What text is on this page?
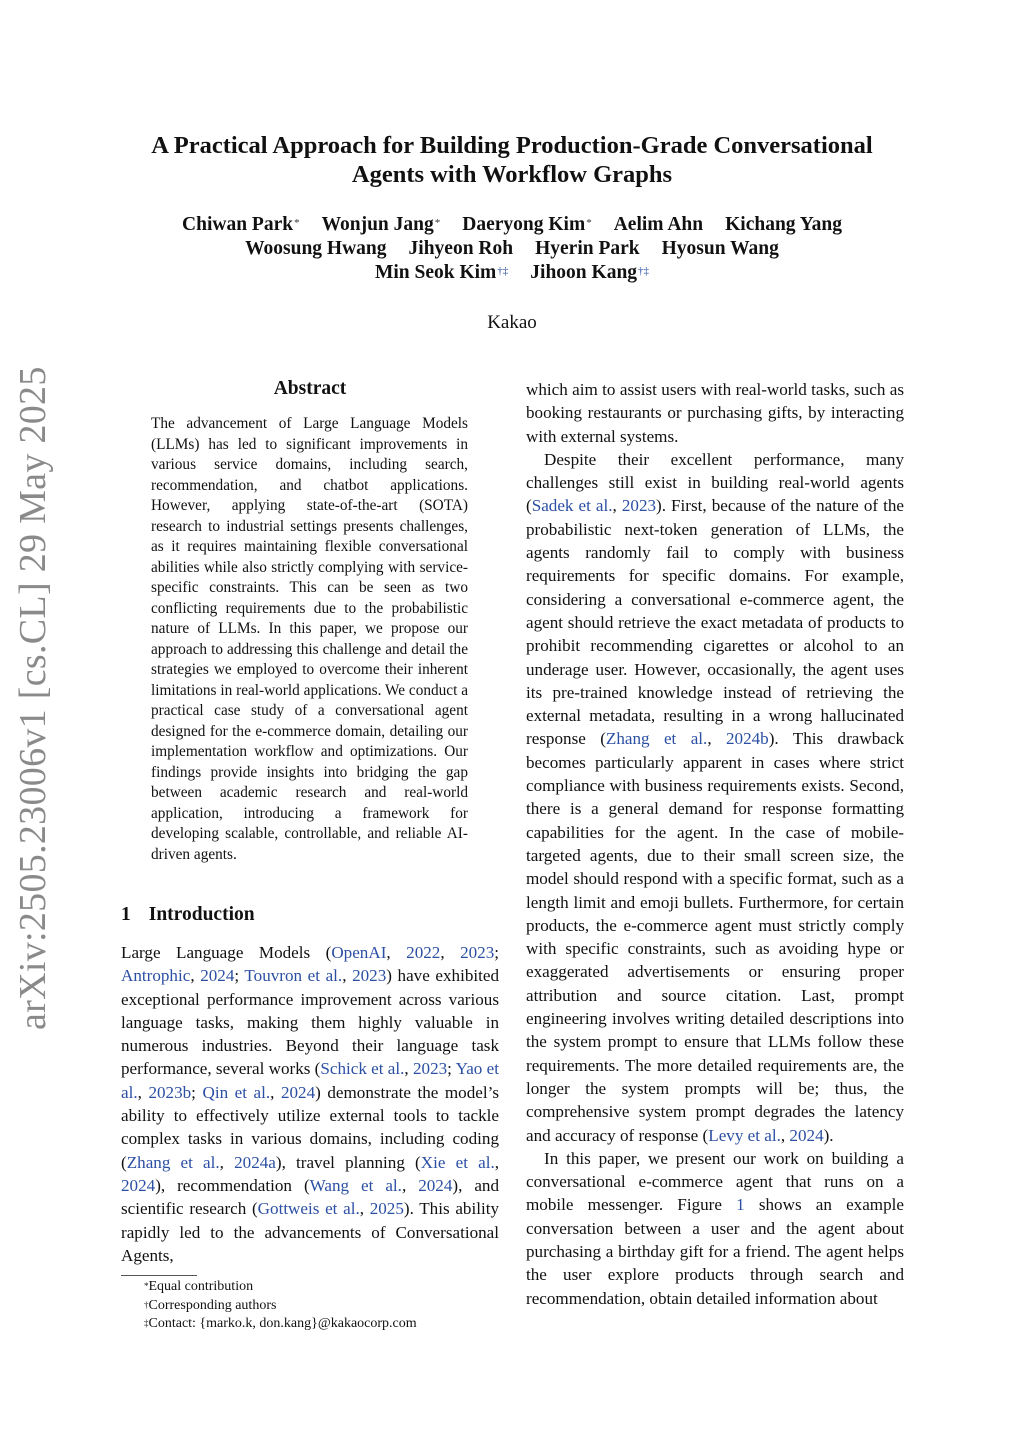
A Practical Approach for Building Production-Grade Conversational
Agents with Workflow Graphs
Chiwan Park* Wonjun Jang* Daeryong Kim* Aelim Ahn Kichang Yang
Woosung Hwang Jihyeon Roh Hyerin Park Hyosun Wang
Min Seok Kim†‡ Jihoon Kang†‡
Kakao
arXiv:2505.23006v1 [cs.CL] 29 May 2025	Abstract
The advancement of Large Language Models (LLMs) has led to significant improvements in various service domains, including search, recommendation, and chatbot applications. However, applying state-of-the-art (SOTA) research to industrial settings presents challenges, as it requires maintaining flexible conversational abilities while also strictly complying with service-specific constraints. This can be seen as two conflicting requirements due to the probabilistic nature of LLMs. In this paper, we propose our approach to addressing this challenge and detail the strategies we employed to overcome their inherent limitations in real-world applications. We conduct a practical case study of a conversational agent designed for the e-commerce domain, detailing our implementation workflow and optimizations. Our findings provide insights into bridging the gap between academic research and real-world application, introducing a framework for developing scalable, controllable, and reliable AI-driven agents.
1 Introduction
Large Language Models (OpenAI, 2022, 2023; Antrophic, 2024; Touvron et al., 2023) have exhibited exceptional performance improvement across various language tasks, making them highly valuable in numerous industries. Beyond their language task performance, several works (Schick et al., 2023; Yao et al., 2023b; Qin et al., 2024) demonstrate the model’s ability to effectively utilize external tools to tackle complex tasks in various domains, including coding (Zhang et al., 2024a), travel planning (Xie et al., 2024), recommendation (Wang et al., 2024), and scientific research (Gottweis et al., 2025). This ability rapidly led to the advancements of Conversational Agents,

which aim to assist users with real-world tasks, such as booking restaurants or purchasing gifts, by interacting with external systems.

Despite their excellent performance, many challenges still exist in building real-world agents (Sadek et al., 2023). First, because of the nature of the probabilistic next-token generation of LLMs, the agents randomly fail to comply with business requirements for specific domains. For example, considering a conversational e-commerce agent, the agent should retrieve the exact metadata of products to prohibit recommending cigarettes or alcohol to an underage user. However, occasionally, the agent uses its pre-trained knowledge instead of retrieving the external metadata, resulting in a wrong hallucinated response (Zhang et al., 2024b). This drawback becomes particularly apparent in cases where strict compliance with business requirements exists. Second, there is a general demand for response formatting capabilities for the agent. In the case of mobile-targeted agents, due to their small screen size, the model should respond with a specific format, such as a length limit and emoji bullets. Furthermore, for certain products, the e-commerce agent must strictly comply with specific constraints, such as avoiding hype or exaggerated advertisements or ensuring proper attribution and source citation. Last, prompt engineering involves writing detailed descriptions into the system prompt to ensure that LLMs follow these requirements. The more detailed requirements are, the longer the system prompts will be; thus, the comprehensive system prompt degrades the latency and accuracy of response (Levy et al., 2024).

In this paper, we present our work on building a conversational e-commerce agent that runs on a mobile messenger. Figure 1 shows an example conversation between a user and the agent about purchasing a birthday gift for a friend. The agent helps the user explore products through search and recommendation, obtain detailed information about

*Equal contribution
†Corresponding authors
‡Contact: {marko.k, don.kang}@kakaocorp.com
